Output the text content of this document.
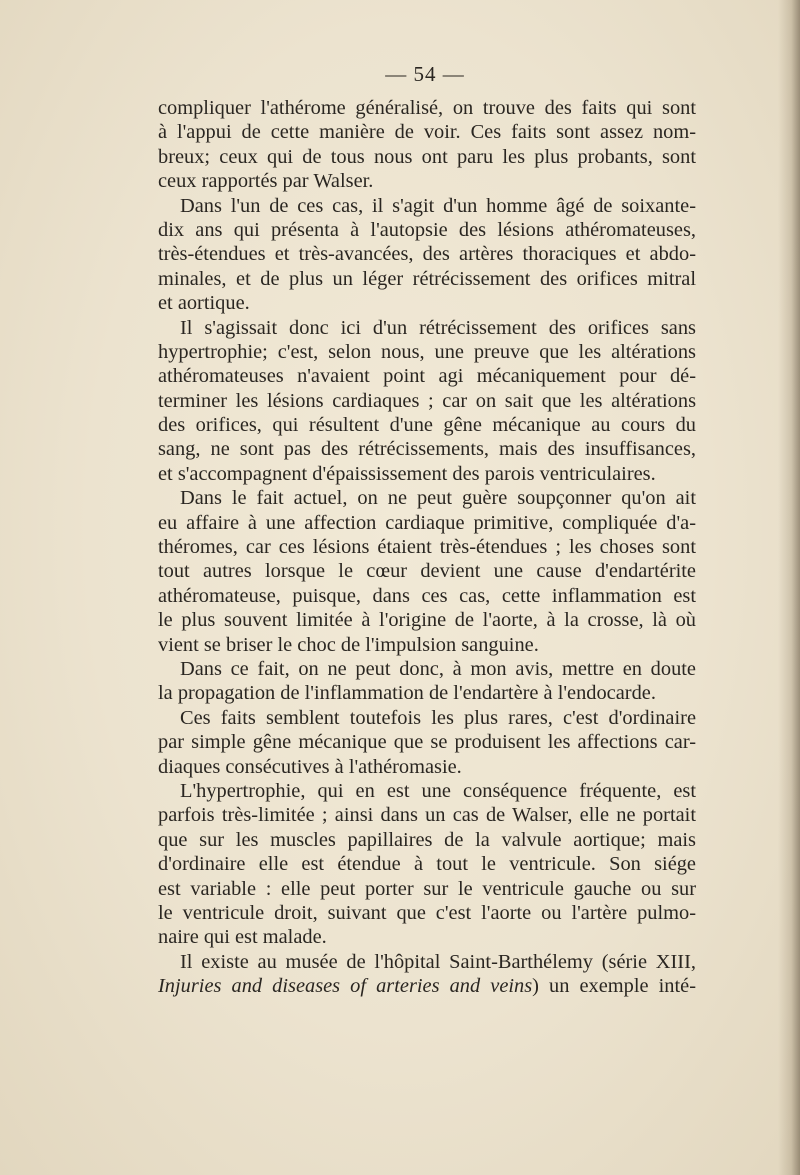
— 54 —
compliquer l'athérome généralisé, on trouve des faits qui sont
à l'appui de cette manière de voir. Ces faits sont assez nom-
breux; ceux qui de tous nous ont paru les plus probants, sont
ceux rapportés par Walser.
Dans l'un de ces cas, il s'agit d'un homme âgé de soixante-
dix ans qui présenta à l'autopsie des lésions athéromateuses,
très-étendues et très-avancées, des artères thoraciques et abdo-
minales, et de plus un léger rétrécissement des orifices mitral
et aortique.
Il s'agissait donc ici d'un rétrécissement des orifices sans
hypertrophie; c'est, selon nous, une preuve que les altérations
athéromateuses n'avaient point agi mécaniquement pour dé-
terminer les lésions cardiaques ; car on sait que les altérations
des orifices, qui résultent d'une gêne mécanique au cours du
sang, ne sont pas des rétrécissements, mais des insuffisances,
et s'accompagnent d'épaississement des parois ventriculaires.
Dans le fait actuel, on ne peut guère soupçonner qu'on ait
eu affaire à une affection cardiaque primitive, compliquée d'a-
théromes, car ces lésions étaient très-étendues ; les choses sont
tout autres lorsque le cœur devient une cause d'endartérite
athéromateuse, puisque, dans ces cas, cette inflammation est
le plus souvent limitée à l'origine de l'aorte, à la crosse, là où
vient se briser le choc de l'impulsion sanguine.
Dans ce fait, on ne peut donc, à mon avis, mettre en doute
la propagation de l'inflammation de l'endartère à l'endocarde.
Ces faits semblent toutefois les plus rares, c'est d'ordinaire
par simple gêne mécanique que se produisent les affections car-
diaques consécutives à l'athéromasie.
L'hypertrophie, qui en est une conséquence fréquente, est
parfois très-limitée ; ainsi dans un cas de Walser, elle ne portait
que sur les muscles papillaires de la valvule aortique; mais
d'ordinaire elle est étendue à tout le ventricule. Son siége
est variable : elle peut porter sur le ventricule gauche ou sur
le ventricule droit, suivant que c'est l'aorte ou l'artère pulmo-
naire qui est malade.
Il existe au musée de l'hôpital Saint-Barthélemy (série XIII,
Injuries and diseases of arteries and veins) un exemple inté-
